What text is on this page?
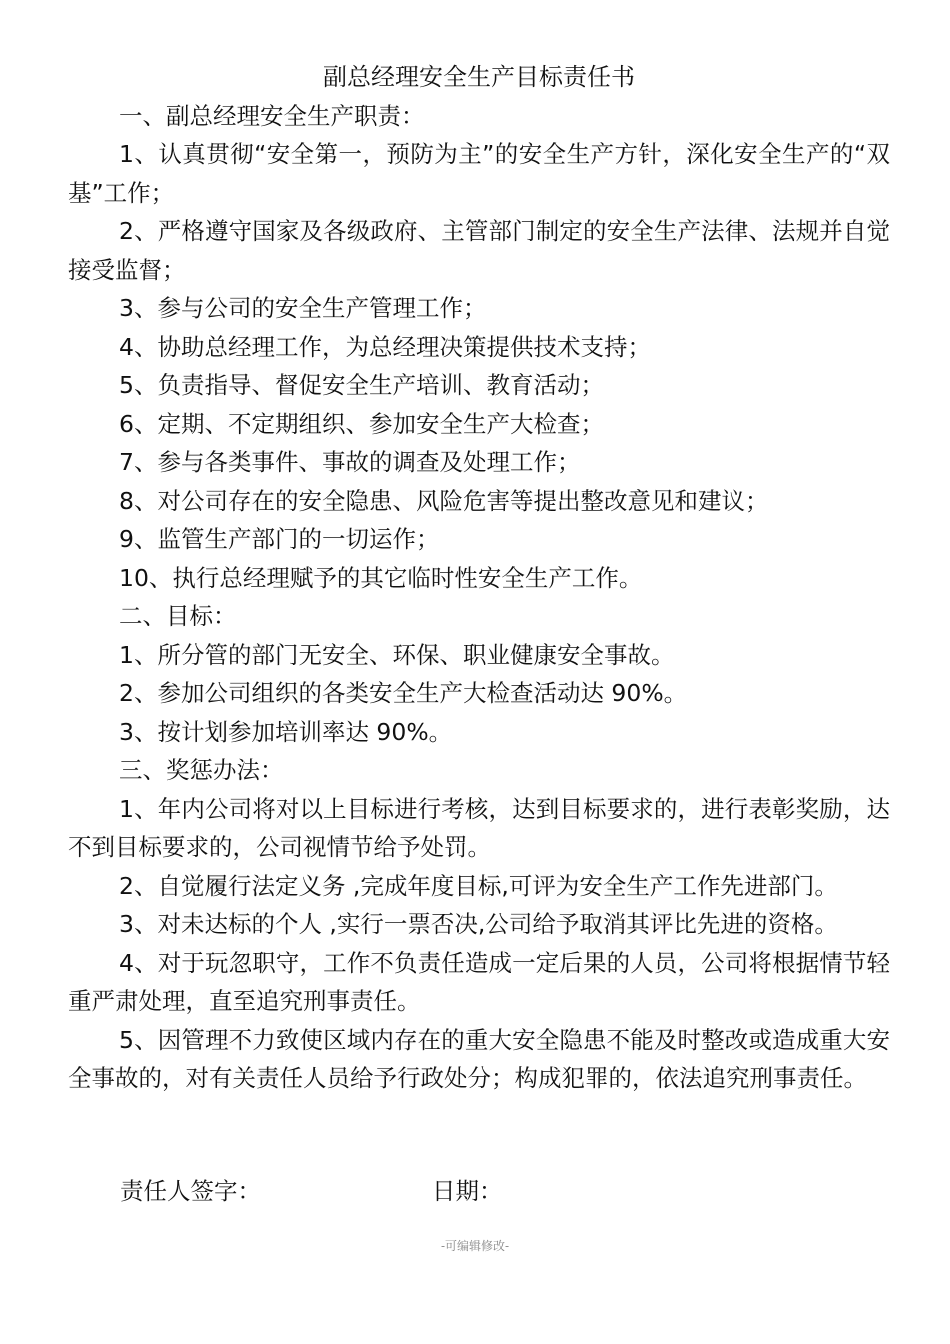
副总经理安全生产目标责任书

一、副总经理安全生产职责：

1、认真贯彻“安全第一，预防为主”的安全生产方针，深化安全生产的“双基”工作；

2、严格遵守国家及各级政府、主管部门制定的安全生产法律、法规并自觉接受监督；

3、参与公司的安全生产管理工作；

4、协助总经理工作，为总经理决策提供技术支持；

5、负责指导、督促安全生产培训、教育活动；

6、定期、不定期组织、参加安全生产大检查；

7、参与各类事件、事故的调查及处理工作；

8、对公司存在的安全隐患、风险危害等提出整改意见和建议；

9、监管生产部门的一切运作；

10、执行总经理赋予的其它临时性安全生产工作。

二、目标：

1、所分管的部门无安全、环保、职业健康安全事故。

2、参加公司组织的各类安全生产大检查活动达 90%。

3、按计划参加培训率达 90%。

三、奖惩办法：

1、年内公司将对以上目标进行考核，达到目标要求的，进行表彰奖励，达不到目标要求的，公司视情节给予处罚。

2、自觉履行法定义务 ,完成年度目标,可评为安全生产工作先进部门。

3、对未达标的个人 ,实行一票否决,公司给予取消其评比先进的资格。

4、对于玩忽职守，工作不负责任造成一定后果的人员，公司将根据情节轻重严肃处理，直至追究刑事责任。

5、因管理不力致使区域内存在的重大安全隐患不能及时整改或造成重大安全事故的，对有关责任人员给予行政处分；构成犯罪的，依法追究刑事责任。

责任人签字：	日期：
-可编辑修改-
